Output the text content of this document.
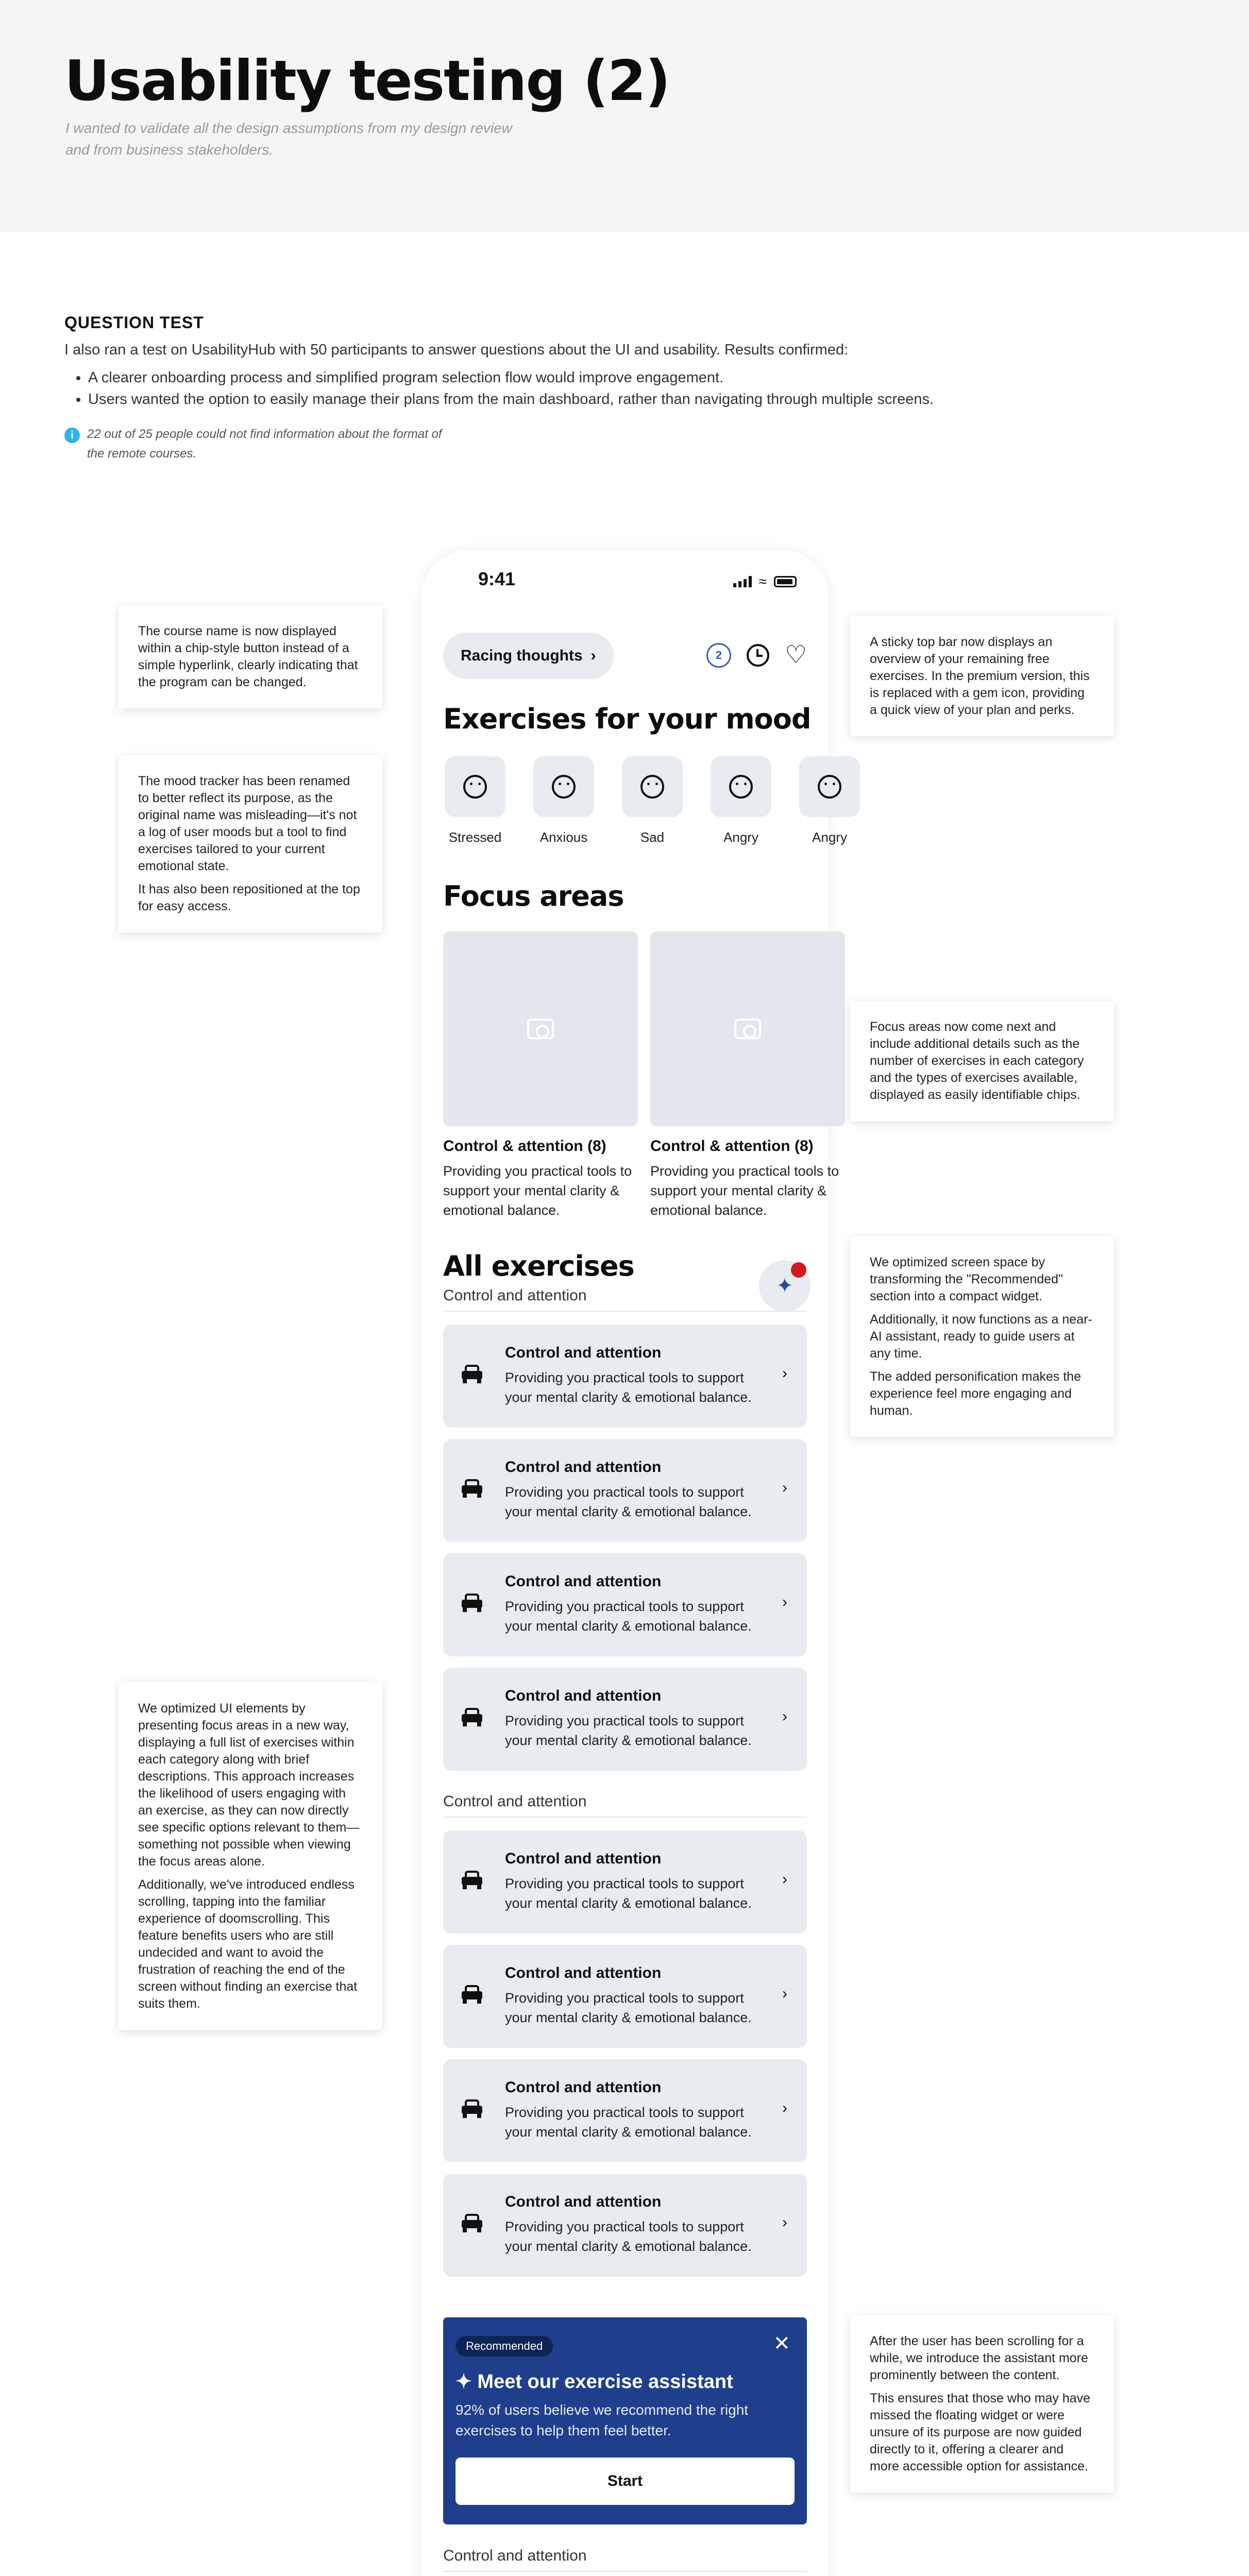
Usability testing (2)
I wanted to validate all the design assumptions from my design review and from business stakeholders.
QUESTION TEST

I also ran a test on UsabilityHub with 50 participants to answer questions about the UI and usability. Results confirmed:

• A clearer onboarding process and simplified program selection flow would improve engagement.
• Users wanted the option to easily manage their plans from the main dashboard, rather than navigating through multiple screens.
i	22 out of 25 people could not find information about the format of the remote courses.

The course name is now displayed within a chip-style button instead of a simple hyperlink, clearly indicating that the program can be changed.

The mood tracker has been renamed to better reflect its purpose, as the original name was misleading—it's not a log of user moods but a tool to find exercises tailored to your current emotional state.

It has also been repositioned at the top for easy access.

We optimized UI elements by presenting focus areas in a new way, displaying a full list of exercises within each category along with brief descriptions. This approach increases the likelihood of users engaging with an exercise, as they can now directly see specific options relevant to them—something not possible when viewing the focus areas alone.

Additionally, we've introduced endless scrolling, tapping into the familiar experience of doomscrolling. This feature benefits users who are still undecided and want to avoid the frustration of reaching the end of the screen without finding an exercise that suits them.

A sticky top bar now displays an overview of your remaining free exercises. In the premium version, this is replaced with a gem icon, providing a quick view of your plan and perks.

Focus areas now come next and include additional details such as the number of exercises in each category and the types of exercises available, displayed as easily identifiable chips.

We optimized screen space by transforming the "Recommended" section into a compact widget.

Additionally, it now functions as a near-AI assistant, ready to guide users at any time.

The added personification makes the experience feel more engaging and human.

After the user has been scrolling for a while, we introduce the assistant more prominently between the content.

This ensures that those who may have missed the floating widget or were unsure of its purpose are now guided directly to it, offering a clearer and more accessible option for assistance.

9:41	≈
Racing thoughts ›	2	♡
Exercises for your mood
Stressed	Anxious	Sad	Angry	Angry
Focus areas
Control & attention (8)
Providing you practical tools to support your mental clarity & emotional balance.
Control & attention (8)
Providing you practical tools to support your mental clarity & emotional balance.
All exercises
✦
Control and attention
Control and attention
Providing you practical tools to support your mental clarity & emotional balance.
›
Control and attention
Providing you practical tools to support your mental clarity & emotional balance.
›
Control and attention
Providing you practical tools to support your mental clarity & emotional balance.
›
Control and attention
Providing you practical tools to support your mental clarity & emotional balance.
›
Control and attention
Control and attention
Providing you practical tools to support your mental clarity & emotional balance.
›
Control and attention
Providing you practical tools to support your mental clarity & emotional balance.
›
Control and attention
Providing you practical tools to support your mental clarity & emotional balance.
›
Control and attention
Providing you practical tools to support your mental clarity & emotional balance.
›
Control and attention
Recommended	✕
✦ Meet our exercise assistant
92% of users believe we recommend the right exercises to help them feel better.
Start
